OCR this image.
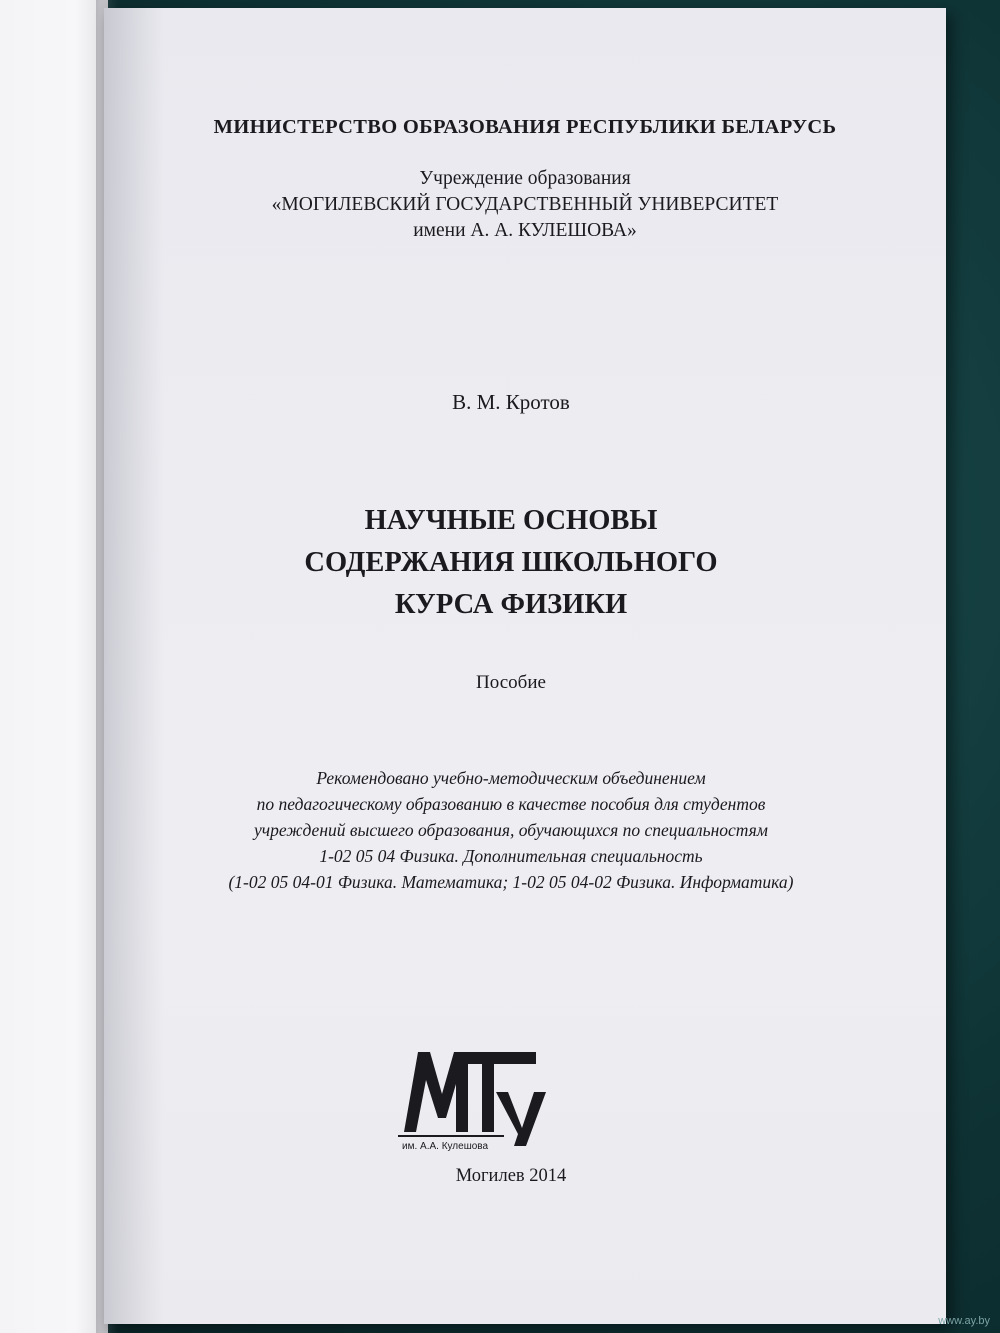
МИНИСТЕРСТВО ОБРАЗОВАНИЯ РЕСПУБЛИКИ БЕЛАРУСЬ

Учреждение образования
«МОГИЛЕВСКИЙ ГОСУДАРСТВЕННЫЙ УНИВЕРСИТЕТ
имени А. А. КУЛЕШОВА»

В. М. Кротов

НАУЧНЫЕ ОСНОВЫ
СОДЕРЖАНИЯ ШКОЛЬНОГО
КУРСА ФИЗИКИ

Пособие

Рекомендовано учебно-методическим объединением
по педагогическому образованию в качестве пособия для студентов
учреждений высшего образования, обучающихся по специальностям
1-02 05 04 Физика. Дополнительная специальность
(1-02 05 04-01 Физика. Математика; 1-02 05 04-02 Физика. Информатика)
им. А.А. Кулешова

Могилев 2014

www.ay.by
